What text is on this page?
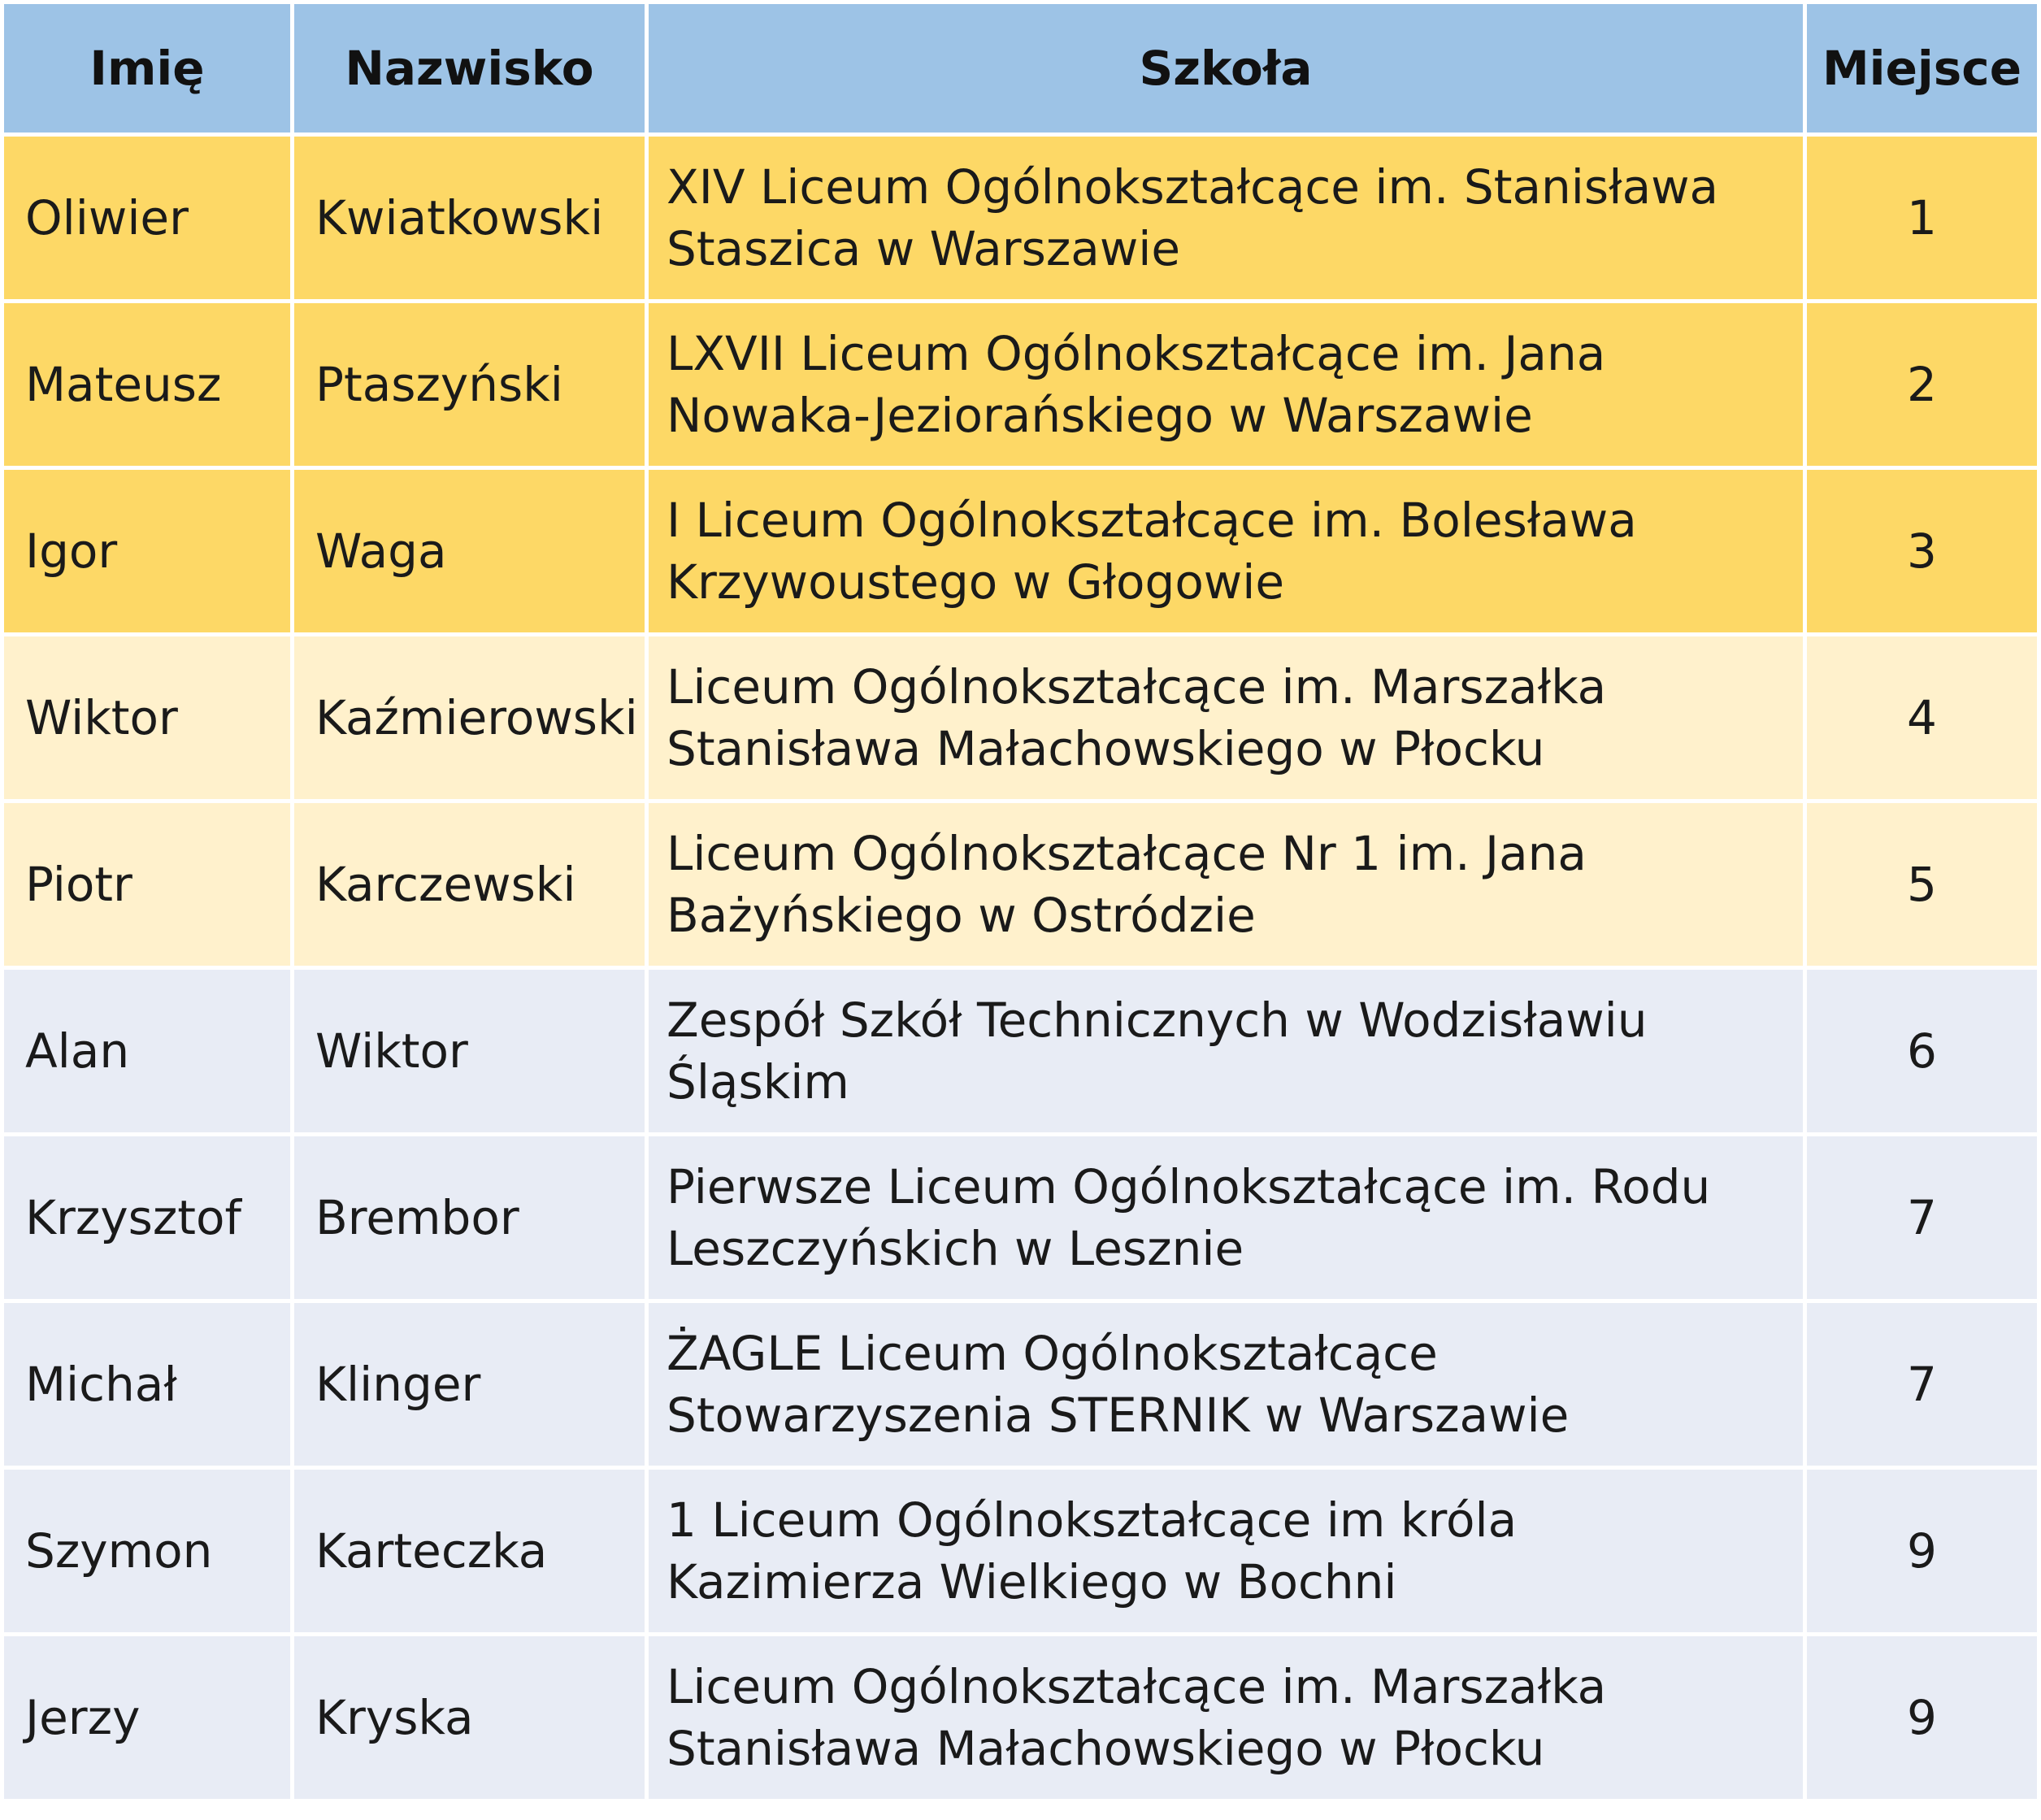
Imię	Nazwisko	Szkoła	Miejsce
Oliwier	Kwiatkowski	XIV Liceum Ogólnokształcące im. Stanisława Staszica w Warszawie	1
Mateusz	Ptaszyński	LXVII Liceum Ogólnokształcące im. Jana Nowaka-Jeziorańskiego w Warszawie	2
Igor	Waga	I Liceum Ogólnokształcące im. Bolesława Krzywoustego w Głogowie	3
Wiktor	Kaźmierowski	Liceum Ogólnokształcące im. Marszałka Stanisława Małachowskiego w Płocku	4
Piotr	Karczewski	Liceum Ogólnokształcące Nr 1 im. Jana Bażyńskiego w Ostródzie	5
Alan	Wiktor	Zespół Szkół Technicznych w Wodzisławiu Śląskim	6
Krzysztof	Brembor	Pierwsze Liceum Ogólnokształcące im. Rodu Leszczyńskich w Lesznie	7
Michał	Klinger	ŻAGLE Liceum Ogólnokształcące Stowarzyszenia STERNIK w Warszawie	7
Szymon	Karteczka	1 Liceum Ogólnokształcące im króla Kazimierza Wielkiego w Bochni	9
Jerzy	Kryska	Liceum Ogólnokształcące im. Marszałka Stanisława Małachowskiego w Płocku	9
